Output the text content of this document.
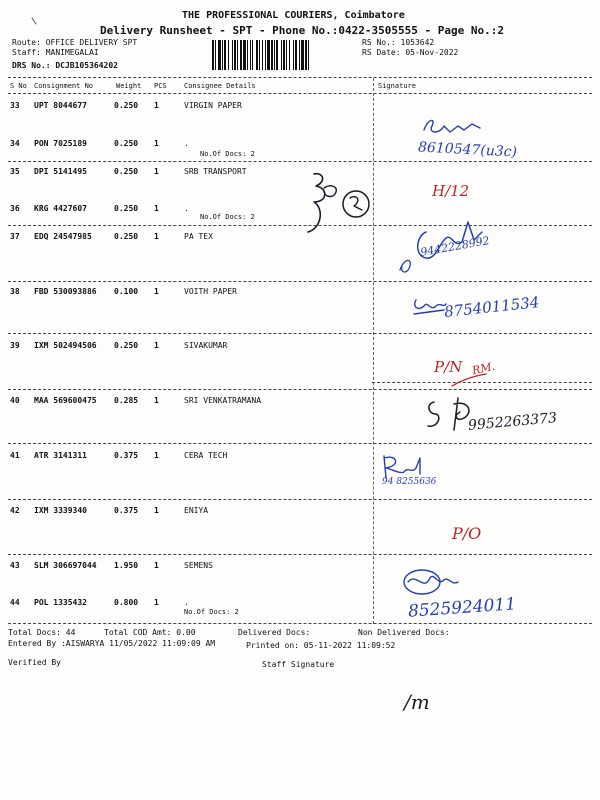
THE PROFESSIONAL COURIERS, Coimbatore
Delivery Runsheet - SPT - Phone No.:0422-3505555 - Page No.:2
Route: OFFICE DELIVERY SPT
Staff: MANIMEGALAI
DRS No.: DCJB105364202
RS No.: 1053642
RS Date: 05-Nov-2022
S No Consignment No	Weight PCS Consignee Details	Signature
33 UPT 8044677	0.250 1	VIRGIN PAPER
34 PON 7025189	0.250 1	.
No.Of Docs: 2
35 DPI 5141495	0.250 1	SRB TRANSPORT
36 KRG 4427607	0.250 1	.
No.Of Docs: 2
37 EDQ 24547985	0.250 1	PA TEX
38 FBD 530093886 0.100 1	VOITH PAPER
39 IXM 502494506 0.250 1	SIVAKUMAR
40 MAA 569600475 0.285 1	SRI VENKATRAMANA
41 ATR 3141311	0.375 1	CERA TECH
42 IXM 3339340	0.375 1	ENIYA
43 SLM 306697044 1.950 1	SEMENS
44 POL 1335432	0.800 1	.
No.Of Docs: 2
Total Docs: 44	Total COD Amt: 0.00	Delivered Docs:	Non Delivered Docs:
Entered By :AISWARYA 11/05/2022 11:09:09 AM	Printed on: 05-11-2022 11:09:52
Verified By	Staff Signature
8610547(u3c)
H/12
9442228992
8754011534
P/N RM.
9952263373
94 8255636
P/O
8525924011
/m
